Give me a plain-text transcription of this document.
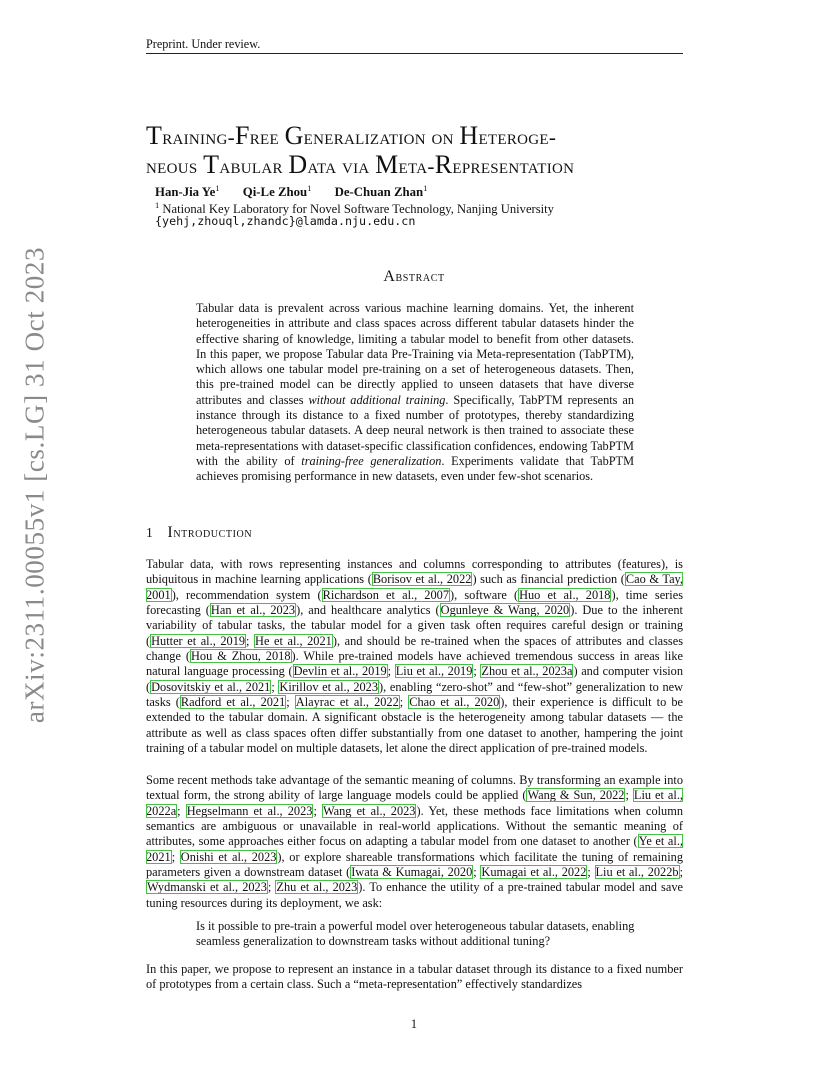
Preprint. Under review.
Training-Free Generalization on Heteroge-
neous Tabular Data via Meta-Representation
Han-Jia Ye$^1$ Qi-Le Zhou$^1$ De-Chuan Zhan$^1$
$^1$ National Key Laboratory for Novel Software Technology, Nanjing University
{yehj,zhouql,zhandc}@lamda.nju.edu.cn
Abstract
Tabular data is prevalent across various machine learning domains. Yet, the inherent heterogeneities in attribute and class spaces across different tabular datasets hinder the effective sharing of knowledge, limiting a tabular model to benefit from other datasets. In this paper, we propose Tabular data Pre-Training via Meta-representation (TabPTM), which allows one tabular model pre-training on a set of heterogeneous datasets. Then, this pre-trained model can be directly applied to unseen datasets that have diverse attributes and classes without additional training. Specifically, TabPTM represents an instance through its distance to a fixed number of prototypes, thereby standardizing heterogeneous tabular datasets. A deep neural network is then trained to associate these meta-representations with dataset-specific classification confidences, endowing TabPTM with the ability of training-free generalization. Experiments validate that TabPTM achieves promising performance in new datasets, even under few-shot scenarios.
1 Introduction
Tabular data, with rows representing instances and columns corresponding to attributes (features), is ubiquitous in machine learning applications (Borisov et al., 2022) such as financial prediction (Cao & Tay, 2001), recommendation system (Richardson et al., 2007), software (Huo et al., 2018), time series forecasting (Han et al., 2023), and healthcare analytics (Ogunleye & Wang, 2020). Due to the inherent variability of tabular tasks, the tabular model for a given task often requires careful design or training (Hutter et al., 2019; He et al., 2021), and should be re-trained when the spaces of attributes and classes change (Hou & Zhou, 2018). While pre-trained models have achieved tremendous success in areas like natural language processing (Devlin et al., 2019; Liu et al., 2019; Zhou et al., 2023a) and computer vision (Dosovitskiy et al., 2021; Kirillov et al., 2023), enabling “zero-shot” and “few-shot” generalization to new tasks (Radford et al., 2021; Alayrac et al., 2022; Chao et al., 2020), their experience is difficult to be extended to the tabular domain. A significant obstacle is the heterogeneity among tabular datasets — the attribute as well as class spaces often differ substantially from one dataset to another, hampering the joint training of a tabular model on multiple datasets, let alone the direct application of pre-trained models.
Some recent methods take advantage of the semantic meaning of columns. By transforming an example into textual form, the strong ability of large language models could be applied (Wang & Sun, 2022; Liu et al., 2022a; Hegselmann et al., 2023; Wang et al., 2023). Yet, these methods face limitations when column semantics are ambiguous or unavailable in real-world applications. Without the semantic meaning of attributes, some approaches either focus on adapting a tabular model from one dataset to another (Ye et al., 2021; Onishi et al., 2023), or explore shareable transformations which facilitate the tuning of remaining parameters given a downstream dataset (Iwata & Kumagai, 2020; Kumagai et al., 2022; Liu et al., 2022b; Wydmanski et al., 2023; Zhu et al., 2023). To enhance the utility of a pre-trained tabular model and save tuning resources during its deployment, we ask:
Is it possible to pre-train a powerful model over heterogeneous tabular datasets, enabling seamless generalization to downstream tasks without additional tuning?
In this paper, we propose to represent an instance in a tabular dataset through its distance to a fixed number of prototypes from a certain class. Such a “meta-representation” effectively standardizes
arXiv:2311.00055v1 [cs.LG] 31 Oct 2023
1
